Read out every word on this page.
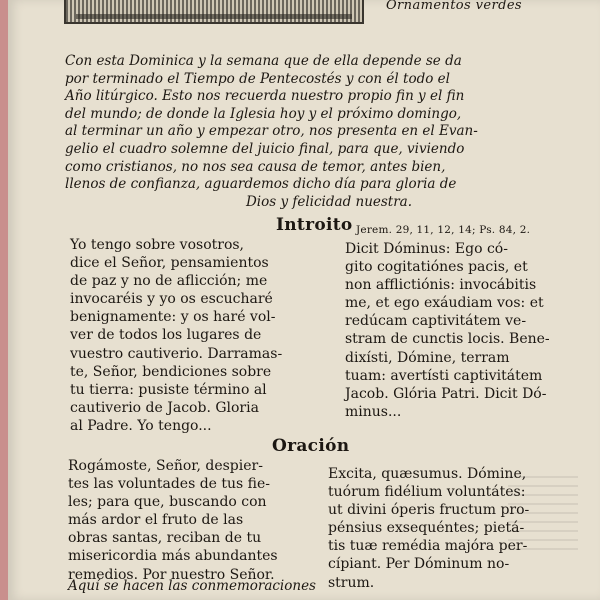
Ornamentos verdes
Con esta Dominica y la semana que de ella depende se da
por terminado el Tiempo de Pentecostés y con él todo el
Año litúrgico. Esto nos recuerda nuestro propio fin y el fin
del mundo; de donde la Iglesia hoy y el próximo domingo,
al terminar un año y empezar otro, nos presenta en el Evan-
gelio el cuadro solemne del juicio final, para que, viviendo
como cristianos, no nos sea causa de temor, antes bien,
llenos de confianza, aguardemos dicho día para gloria de
Dios y felicidad nuestra.
Introito Jerem. 29, 11, 12, 14; Ps. 84, 2.
Yo tengo sobre vosotros,
dice el Señor, pensamientos
de paz y no de aflicción; me
invocaréis y yo os escucharé
benignamente: y os haré vol-
ver de todos los lugares de
vuestro cautiverio. Darramas-
te, Señor, bendiciones sobre
tu tierra: pusiste término al
cautiverio de Jacob. Gloria
al Padre. Yo tengo...
Dicit Dóminus: Ego có-
gito cogitatiónes pacis, et
non afflictiónis: invocábitis
me, et ego exáudiam vos: et
redúcam captivitátem ve-
stram de cunctis locis. Bene-
dixísti, Dómine, terram
tuam: avertísti captivitátem
Jacob. Glória Patri. Dicit Dó-
minus...
Oración
Rogámoste, Señor, despier-
tes las voluntades de tus fie-
les; para que, buscando con
más ardor el fruto de las
obras santas, reciban de tu
misericordia más abundantes
remedios. Por nuestro Señor.
Excita, quæsumus. Dómine,
tuórum fidélium voluntátes:
ut divini óperis fructum pro-
pénsius exsequéntes; pietá-
tis tuæ remédia majóra per-
cípiant. Per Dóminum no-
strum.
Aquí se hacen las conmemoraciones
